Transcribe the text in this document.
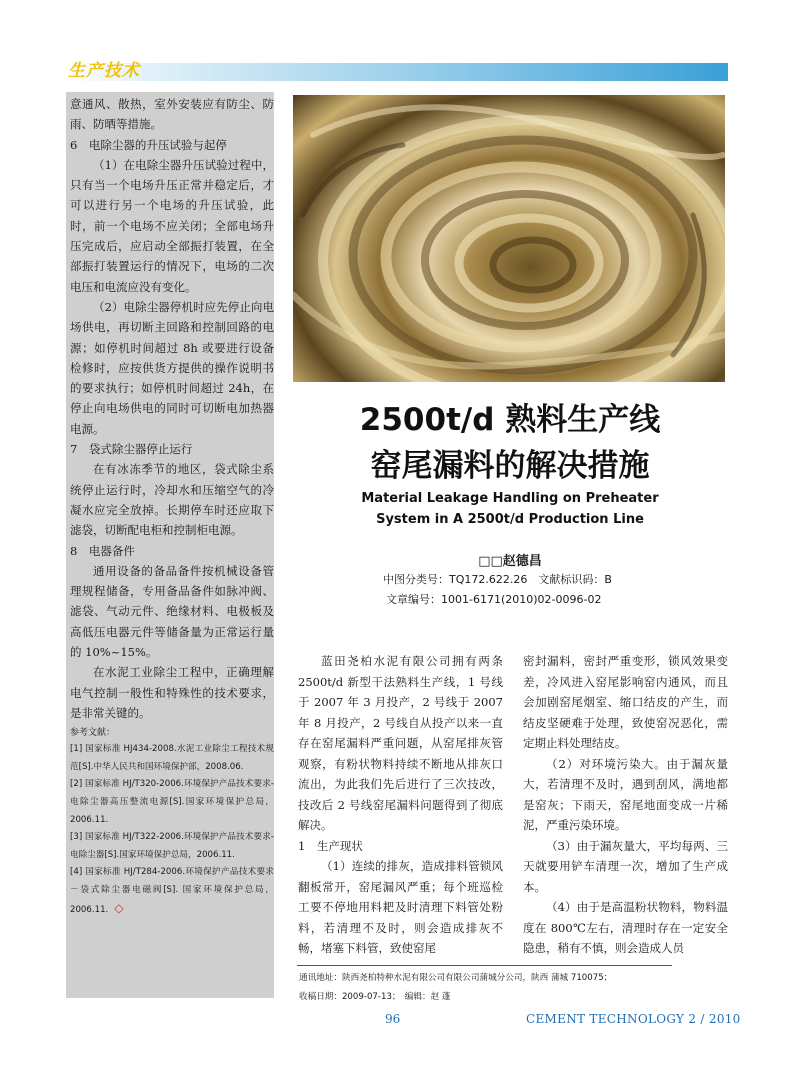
生产技术

意通风、散热，室外安装应有防尘、防雨、防晒等措施。

6　电除尘器的升压试验与起停

（1）在电除尘器升压试验过程中，只有当一个电场升压正常并稳定后，才可以进行另一个电场的升压试验，此时，前一个电场不应关闭；全部电场升压完成后，应启动全部振打装置，在全部振打装置运行的情况下，电场的二次电压和电流应没有变化。

（2）电除尘器停机时应先停止向电场供电，再切断主回路和控制回路的电源；如停机时间超过 8h 或要进行设备检修时，应按供货方提供的操作说明书的要求执行；如停机时间超过 24h，在停止向电场供电的同时可切断电加热器电源。

7　袋式除尘器停止运行

在有冰冻季节的地区，袋式除尘系统停止运行时，冷却水和压缩空气的冷凝水应完全放掉。长期停车时还应取下滤袋，切断配电柜和控制柜电源。

8　电器备件

通用设备的备品备件按机械设备管理规程储备，专用备品备件如脉冲阀、滤袋、气动元件、绝缘材料、电极板及高低压电器元件等储备量为正常运行量的 10%~15%。

在水泥工业除尘工程中，正确理解电气控制一般性和特殊性的技术要求，是非常关键的。

参考文献：

[1] 国家标准 HJ434-2008.水泥工业除尘工程技术规范[S].中华人民共和国环境保护部，2008.06.

[2] 国家标准 HJ/T320-2006.环境保护产品技术要求-电除尘器高压整流电源[S].国家环境保护总局，2006.11.

[3] 国家标准 HJ/T322-2006.环境保护产品技术要求-电除尘器[S].国家环境保护总局，2006.11.

[4] 国家标准 HJ/T284-2006.环境保护产品技术要求－袋式除尘器电磁阀[S]. 国家环境保护总局，2006.11. ◇

2500t/d 熟料生产线
窑尾漏料的解决措施
Material Leakage Handling on Preheater
System in A 2500t/d Production Line
□□赵德昌
中图分类号：TQ172.622.26　文献标识码：B
文章编号：1001-6171(2010)02-0096-02

蓝田尧柏水泥有限公司拥有两条 2500t/d 新型干法熟料生产线，1 号线于 2007 年 3 月投产，2 号线于 2007 年 8 月投产，2 号线自从投产以来一直存在窑尾漏料严重问题，从窑尾排灰管观察，有粉状物料持续不断地从排灰口流出，为此我们先后进行了三次技改，技改后 2 号线窑尾漏料问题得到了彻底解决。

1　生产现状

（1）连续的排灰，造成排料管锁风翻板常开，窑尾漏风严重；每个班巡检工要不停地用料耙及时清理下料管处粉料，若清理不及时，则会造成排灰不畅，堵塞下料管，致使窑尾

密封漏料，密封严重变形，锁风效果变差，冷风进入窑尾影响窑内通风，而且会加剧窑尾烟室、缩口结皮的产生，而结皮坚硬难于处理，致使窑况恶化，需定期止料处理结皮。

（2）对环境污染大。由于漏灰量大，若清理不及时，遇到刮风，满地都是窑灰；下雨天，窑尾地面变成一片稀泥，严重污染环境。

（3）由于漏灰量大，平均每两、三天就要用铲车清理一次，增加了生产成本。

（4）由于是高温粉状物料，物料温度在 800℃左右，清理时存在一定安全隐患，稍有不慎，则会造成人员

通讯地址：陕西尧柏特种水泥有限公司有限公司蒲城分公司，陕西 蒲城 710075；
收稿日期：2009-07-13；　编辑：赵 蓬
96	CEMENT TECHNOLOGY 2 / 2010
